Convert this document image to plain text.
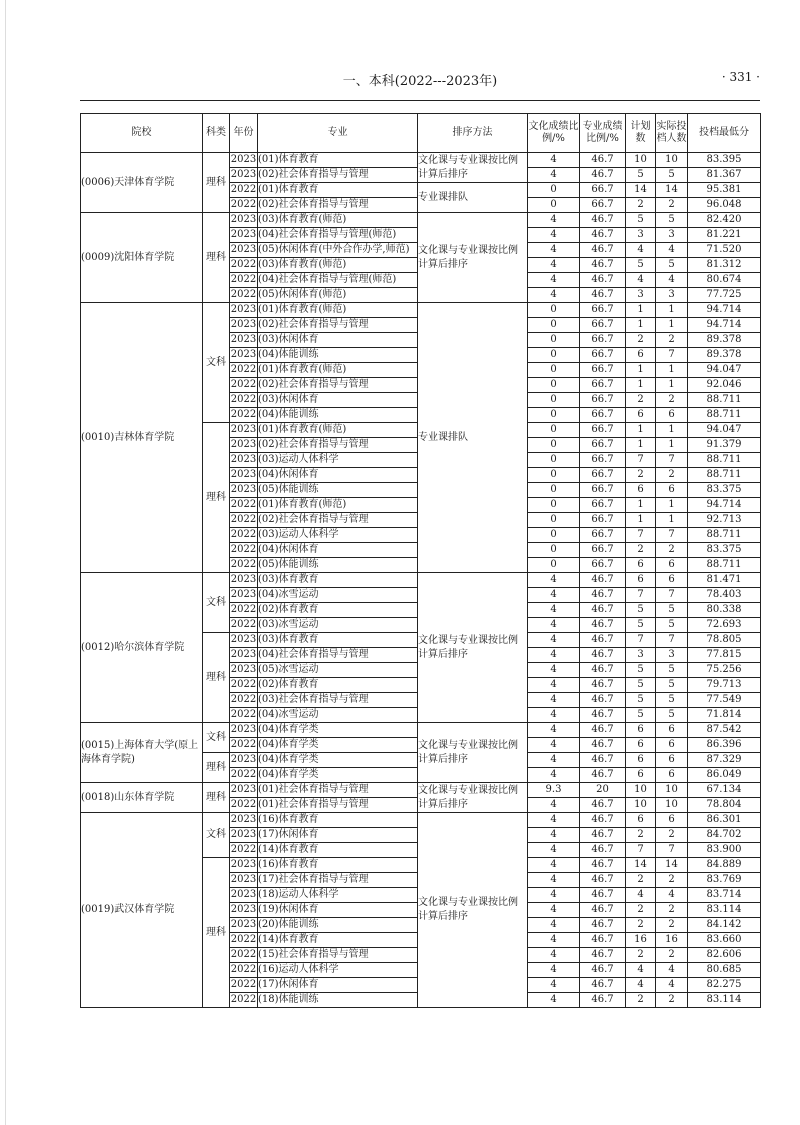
一、本科(2022---2023年)	· 331 ·
院校	科类	年份	专业	排序方法	文化成绩比例/%	专业成绩比例/%	计划数	实际投档人数	投档最低分
(0006)天津体育学院	理科	2023	(01)体育教育	文化课与专业课按比例计算后排序	4	46.7	10	10	83.395
		2023	(02)社会体育指导与管理		4	46.7	5	5	81.367
		2022	(01)体育教育	专业课排队	0	66.7	14	14	95.381
		2022	(02)社会体育指导与管理		0	66.7	2	2	96.048
(0009)沈阳体育学院	理科	2023	(03)体育教育(师范)	文化课与专业课按比例计算后排序	4	46.7	5	5	82.420
		2023	(04)社会体育指导与管理(师范)		4	46.7	3	3	81.221
		2023	(05)休闲体育(中外合作办学,师范)		4	46.7	4	4	71.520
		2022	(03)体育教育(师范)		4	46.7	5	5	81.312
		2022	(04)社会体育指导与管理(师范)		4	46.7	4	4	80.674
		2022	(05)休闲体育(师范)		4	46.7	3	3	77.725
(0010)吉林体育学院	文科	2023	(01)体育教育(师范)	专业课排队	0	66.7	1	1	94.714
		2023	(02)社会体育指导与管理		0	66.7	1	1	94.714
		2023	(03)休闲体育		0	66.7	2	2	89.378
		2023	(04)体能训练		0	66.7	6	7	89.378
		2022	(01)体育教育(师范)		0	66.7	1	1	94.047
		2022	(02)社会体育指导与管理		0	66.7	1	1	92.046
		2022	(03)休闲体育		0	66.7	2	2	88.711
		2022	(04)体能训练		0	66.7	6	6	88.711
	理科	2023	(01)体育教育(师范)		0	66.7	1	1	94.047
		2023	(02)社会体育指导与管理		0	66.7	1	1	91.379
		2023	(03)运动人体科学		0	66.7	7	7	88.711
		2023	(04)休闲体育		0	66.7	2	2	88.711
		2023	(05)体能训练		0	66.7	6	6	83.375
		2022	(01)体育教育(师范)		0	66.7	1	1	94.714
		2022	(02)社会体育指导与管理		0	66.7	1	1	92.713
		2022	(03)运动人体科学		0	66.7	7	7	88.711
		2022	(04)休闲体育		0	66.7	2	2	83.375
		2022	(05)体能训练		0	66.7	6	6	88.711
(0012)哈尔滨体育学院	文科	2023	(03)体育教育	文化课与专业课按比例计算后排序	4	46.7	6	6	81.471
		2023	(04)冰雪运动		4	46.7	7	7	78.403
		2022	(02)体育教育		4	46.7	5	5	80.338
		2022	(03)冰雪运动		4	46.7	5	5	72.693
	理科	2023	(03)体育教育		4	46.7	7	7	78.805
		2023	(04)社会体育指导与管理		4	46.7	3	3	77.815
		2023	(05)冰雪运动		4	46.7	5	5	75.256
		2022	(02)体育教育		4	46.7	5	5	79.713
		2022	(03)社会体育指导与管理		4	46.7	5	5	77.549
		2022	(04)冰雪运动		4	46.7	5	5	71.814
(0015)上海体育大学(原上海体育学院)	文科	2023	(04)体育学类	文化课与专业课按比例计算后排序	4	46.7	6	6	87.542
		2022	(04)体育学类		4	46.7	6	6	86.396
	理科	2023	(04)体育学类		4	46.7	6	6	87.329
		2022	(04)体育学类		4	46.7	6	6	86.049
(0018)山东体育学院	理科	2023	(01)社会体育指导与管理	文化课与专业课按比例计算后排序	9.3	20	10	10	67.134
		2022	(01)社会体育指导与管理		4	46.7	10	10	78.804
(0019)武汉体育学院	文科	2023	(16)体育教育	文化课与专业课按比例计算后排序	4	46.7	6	6	86.301
		2023	(17)休闲体育		4	46.7	2	2	84.702
		2022	(14)体育教育		4	46.7	7	7	83.900
	理科	2023	(16)体育教育		4	46.7	14	14	84.889
		2023	(17)社会体育指导与管理		4	46.7	2	2	83.769
		2023	(18)运动人体科学		4	46.7	4	4	83.714
		2023	(19)休闲体育		4	46.7	2	2	83.114
		2023	(20)体能训练		4	46.7	2	2	84.142
		2022	(14)体育教育		4	46.7	16	16	83.660
		2022	(15)社会体育指导与管理		4	46.7	2	2	82.606
		2022	(16)运动人体科学		4	46.7	4	4	80.685
		2022	(17)休闲体育		4	46.7	4	4	82.275
		2022	(18)体能训练		4	46.7	2	2	83.114
